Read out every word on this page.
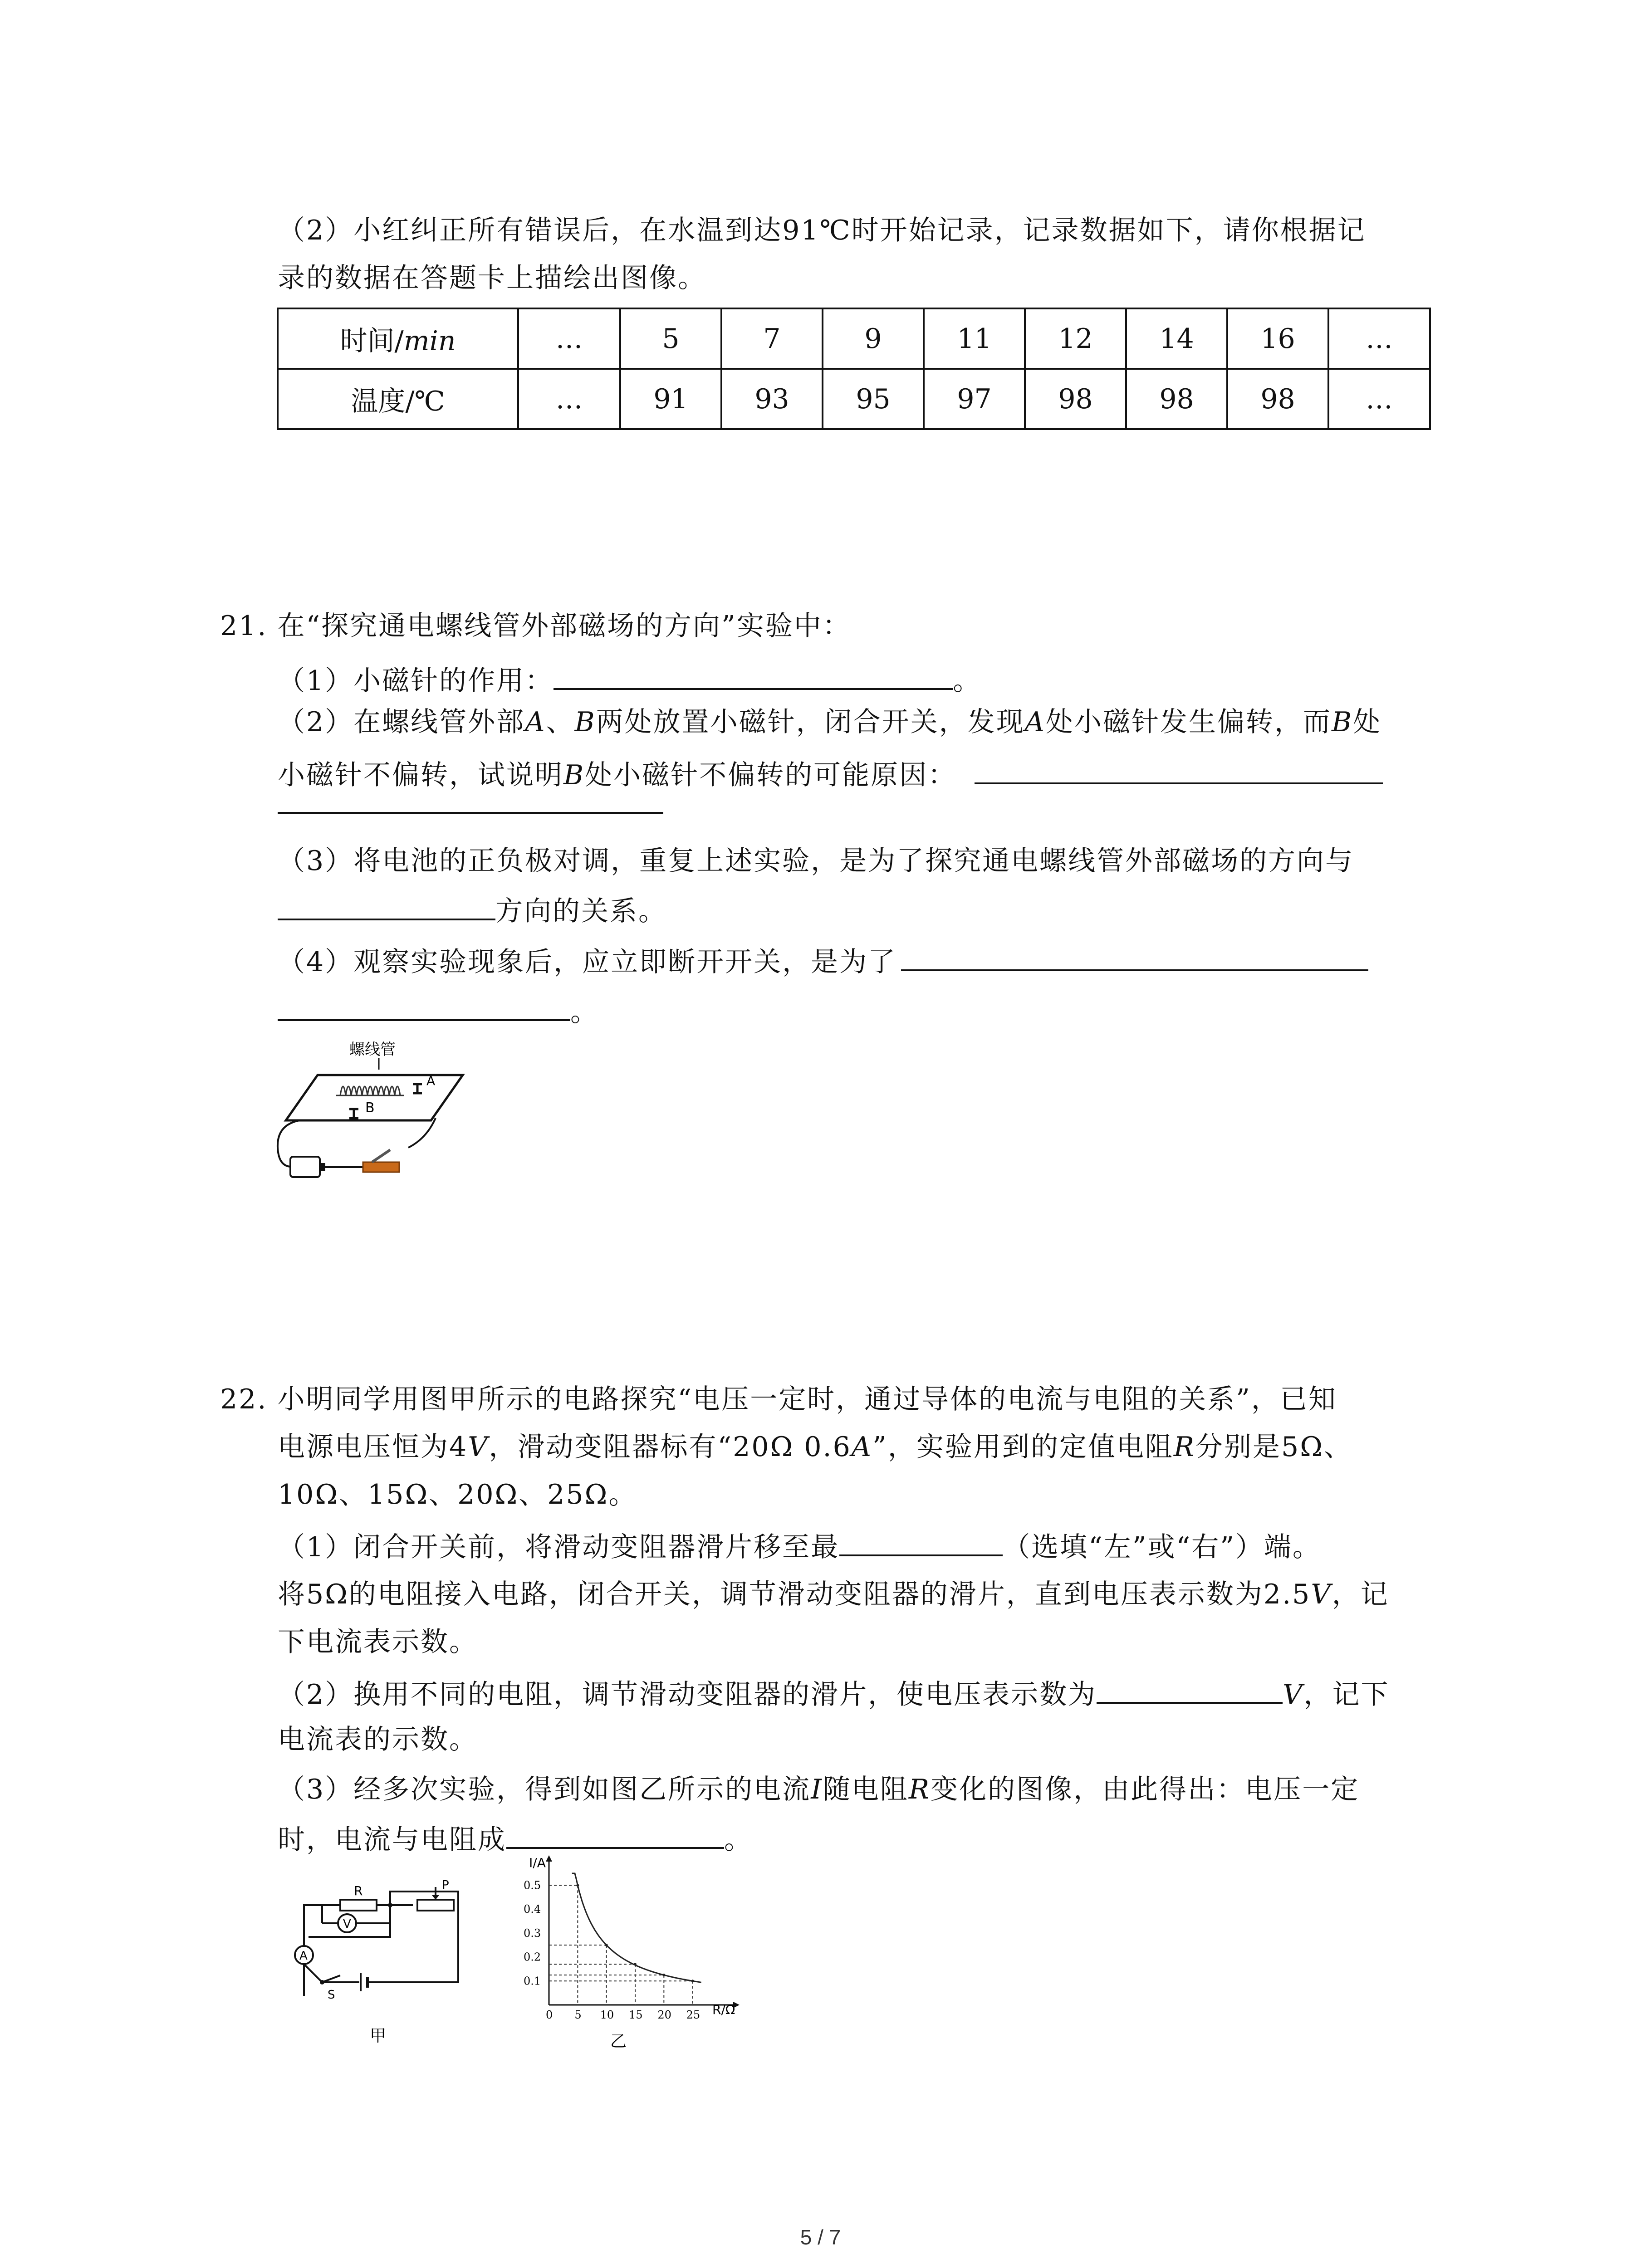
（2）小红纠正所有错误后，在水温到达91℃时开始记录，记录数据如下，请你根据记
录的数据在答题卡上描绘出图像。
时间/min	…	5	7	9	11	12	14	16	…
温度/℃	…	91	93	95	97	98	98	98	…
21. 在“探究通电螺线管外部磁场的方向”实验中：
（1）小磁针的作用：	。
（2）在螺线管外部A、B两处放置小磁针，闭合开关，发现A处小磁针发生偏转，而B处
小磁针不偏转，试说明B处小磁针不偏转的可能原因：
（3）将电池的正负极对调，重复上述实验，是为了探究通电螺线管外部磁场的方向与
方向的关系。
（4）观察实验现象后，应立即断开开关，是为了
。
螺线管
A
B
22. 小明同学用图甲所示的电路探究“电压一定时，通过导体的电流与电阻的关系”，已知
电源电压恒为4V，滑动变阻器标有“20Ω 0.6A”，实验用到的定值电阻R分别是5Ω、
10Ω、15Ω、20Ω、25Ω。
（1）闭合开关前，将滑动变阻器滑片移至最	（选填“左”或“右”）端。
将5Ω的电阻接入电路，闭合开关，调节滑动变阻器的滑片，直到电压表示数为2.5V，记
下电流表示数。
（2）换用不同的电阻，调节滑动变阻器的滑片，使电压表示数为	V，记下
电流表的示数。
（3）经多次实验，得到如图乙所示的电流I随电阻R变化的图像，由此得出：电压一定
时，电流与电阻成	。
R	P
V
A
S
甲
0 5 10 15 20 25
0.1
0.2
0.3
0.4
0.5
I/A
R/Ω
乙
5 / 7
